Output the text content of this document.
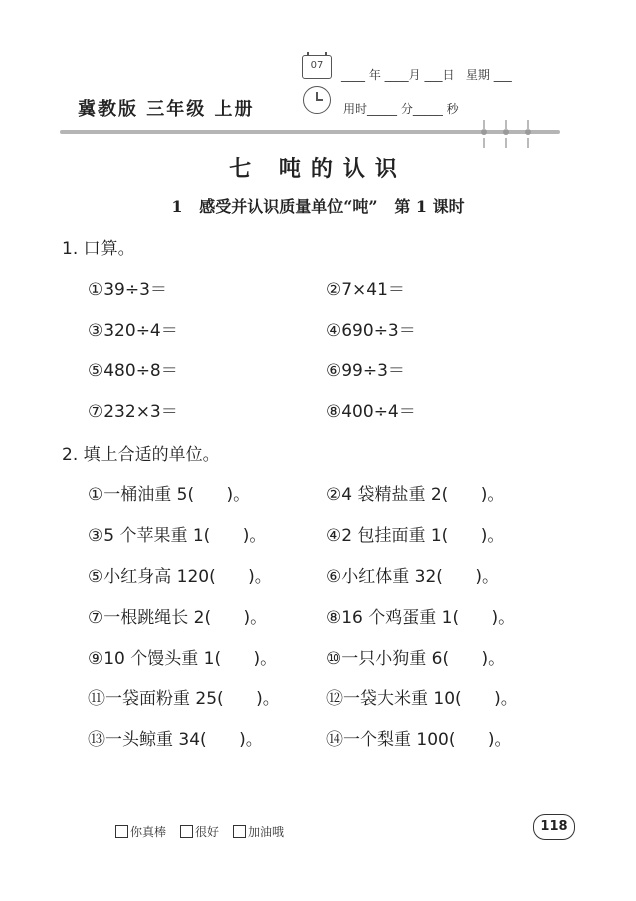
冀教版 三年级 上册
07
____ 年 ____月 ___日   星期 ___
用时_____ 分_____ 秒
七 吨的认识
1   感受并认识质量单位“吨”   第 1 课时
1. 口算。
①39÷3＝	②7×41＝
③320÷4＝	④690÷3＝
⑤480÷8＝	⑥99÷3＝
⑦232×3＝	⑧400÷4＝
2. 填上合适的单位。
①一桶油重 5(      )。	②4 袋精盐重 2(      )。
③5 个苹果重 1(      )。	④2 包挂面重 1(      )。
⑤小红身高 120(      )。	⑥小红体重 32(      )。
⑦一根跳绳长 2(      )。	⑧16 个鸡蛋重 1(      )。
⑨10 个馒头重 1(      )。	⑩一只小狗重 6(      )。
⑪一袋面粉重 25(      )。	⑫一袋大米重 10(      )。
⑬一头鲸重 34(      )。	⑭一个梨重 100(      )。
你真棒 很好 加油哦	118
